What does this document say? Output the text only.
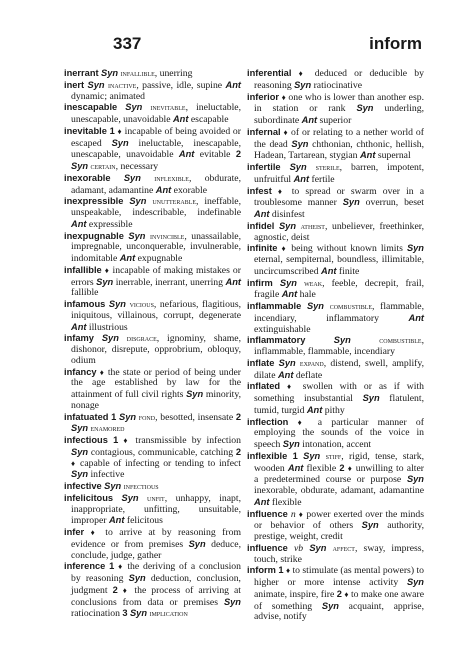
337	inform

inerrant Syn infallible, unerring

inert Syn inactive, passive, idle, supine Ant dynamic; animated

inescapable Syn inevitable, ineluctable, unescapable, unavoidable Ant escapable

inevitable 1 ♦ incapable of being avoided or escaped Syn ineluctable, inescapable, unescapable, unavoidable Ant evitable 2 Syn certain, necessary

inexorable Syn inflexible, obdurate, adamant, adamantine Ant exorable

inexpressible Syn unutterable, ineffable, unspeakable, indescribable, indefinable Ant expressible

inexpugnable Syn invincible, unassailable, impregnable, unconquerable, invulnerable, indomitable Ant expugnable

infallible ♦ incapable of making mistakes or errors Syn inerrable, inerrant, unerring Ant fallible

infamous Syn vicious, nefarious, flagitious, iniquitous, villainous, corrupt, degenerate Ant illustrious

infamy Syn disgrace, ignominy, shame, dishonor, disrepute, opprobrium, obloquy, odium

infancy ♦ the state or period of being under the age established by law for the attainment of full civil rights Syn minority, nonage

infatuated 1 Syn fond, besotted, insensate 2 Syn enamored

infectious 1 ♦ transmissible by infection Syn contagious, communicable, catching 2 ♦ capable of infecting or tending to infect Syn infective

infective Syn infectious

infelicitous Syn unfit, unhappy, inapt, inappropriate, unfitting, unsuitable, improper Ant felicitous

infer ♦ to arrive at by reasoning from evidence or from premises Syn deduce, conclude, judge, gather

inference 1 ♦ the deriving of a conclusion by reasoning Syn deduction, conclusion, judgment 2 ♦ the process of arriving at conclusions from data or premises Syn ratiocination 3 Syn implication

inferential ♦ deduced or deducible by reasoning Syn ratiocinative

inferior ♦ one who is lower than another esp. in station or rank Syn underling, subordinate Ant superior

infernal ♦ of or relating to a nether world of the dead Syn chthonian, chthonic, hellish, Hadean, Tartarean, stygian Ant supernal

infertile Syn sterile, barren, impotent, unfruitful Ant fertile

infest ♦ to spread or swarm over in a troublesome manner Syn overrun, beset Ant disinfest

infidel Syn atheist, unbeliever, freethinker, agnostic, deist

infinite ♦ being without known limits Syn eternal, sempiternal, boundless, illimitable, uncircumscribed Ant finite

infirm Syn weak, feeble, decrepit, frail, fragile Ant hale

inflammable Syn combustible, flammable, incendiary, inflammatory Ant extinguishable

inflammatory	Syn	combustible, inflammable, flammable, incendiary

inflate Syn expand, distend, swell, amplify, dilate Ant deflate

inflated ♦ swollen with or as if with something insubstantial Syn flatulent, tumid, turgid Ant pithy

inflection ♦ a particular manner of employing the sounds of the voice in speech Syn intonation, accent

inflexible 1 Syn stiff, rigid, tense, stark, wooden Ant flexible 2 ♦ unwilling to alter a predetermined course or purpose Syn inexorable, obdurate, adamant, adamantine Ant flexible

influence n ♦ power exerted over the minds or behavior of others Syn authority, prestige, weight, credit

influence vb Syn affect, sway, impress, touch, strike

inform 1 ♦ to stimulate (as mental powers) to higher or more intense activity Syn animate, inspire, fire 2 ♦ to make one aware of something Syn acquaint, apprise, advise, notify
